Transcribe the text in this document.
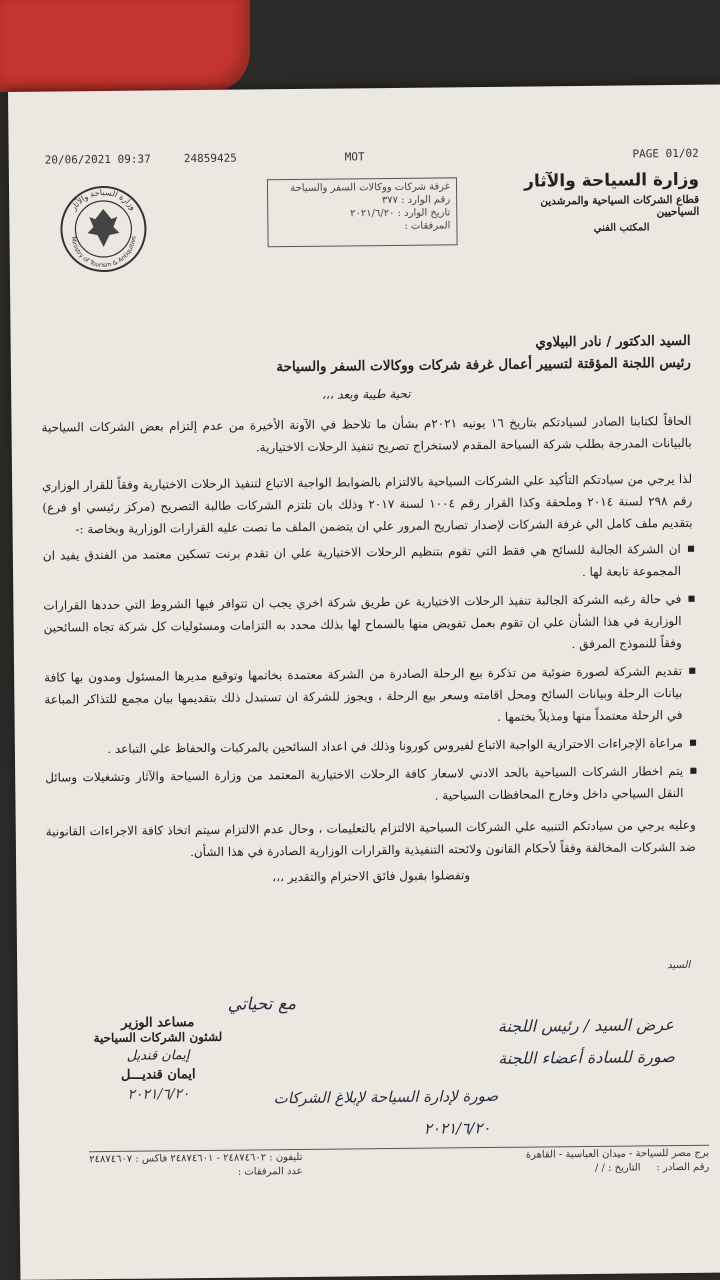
20/06/2021 09:37	24859425	MOT	PAGE 01/02
وزارة السياحة والآثار
قطاع الشركات السياحية والمرشدين السياحيين
المكتب الفني
وزارة السياحة والآثار
Ministry of Tourism & Antiquities
غرفة شركات ووكالات السفر والسياحة
رقم الوارد : ٣٧٧
تاريخ الوارد : ٢٠٢١/٦/٢٠
المرفقات :
السيد الدكتور / نادر البيلاوي
رئيس اللجنة المؤقتة لتسيير أعمال غرفة شركات ووكالات السفر والسياحة
تحية طيبة وبعد ،،،
الحاقاً لكتابنا الصادر لسيادتكم بتاريخ ١٦ يونيه ٢٠٢١م بشأن ما تلاحظ في الآونة الأخيرة من عدم إلتزام بعض الشركات السياحية بالبيانات المدرجة بطلب شركة السياحة المقدم لاستخراج تصريح تنفيذ الرحلات الاختيارية.
لذا يرجي من سيادتكم التأكيد علي الشركات السياحية بالالتزام بالضوابط الواجبة الاتباع لتنفيذ الرحلات الاختيارية وفقاً للقرار الوزاري رقم ٢٩٨ لسنة ٢٠١٤ وملحقة وكذا القرار رقم ١٠٠٤ لسنة ٢٠١٧ وذلك بان تلتزم الشركات طالبة التصريح (مركز رئيسي او فرع) بتقديم ملف كامل الي غرفة الشركات لإصدار تصاريح المرور علي ان يتضمن الملف ما نصت عليه القرارات الوزارية وبخاصة :-
■ ان الشركة الجالبة للسائح هي فقط التي تقوم بتنظيم الرحلات الاختيارية علي ان تقدم برنت تسكين معتمد من الفندق يفيد ان المجموعة تابعة لها .
■ في حالة رغبه الشركة الجالبة تنفيذ الرحلات الاختيارية عن طريق شركة اخري يجب ان تتوافر فيها الشروط التي حددها القرارات الوزارية في هذا الشأن علي ان تقوم بعمل تفويض منها بالسماح لها بذلك محدد به التزامات ومسئوليات كل شركة تجاه السائحين وفقاً للنموذج المرفق .
■ تقديم الشركة لصورة ضوئية من تذكرة بيع الرحلة الصادرة من الشركة معتمدة بخاتمها وتوقيع مديرها المسئول ومدون بها كافة بيانات الرحلة وبيانات السائح ومحل اقامته وسعر بيع الرحلة ، ويجوز للشركة ان تستبدل ذلك بتقديمها بيان مجمع للتذاكر المباعة في الرحلة معتمداً منها ومذيلاً بختمها .
■ مراعاة الإجراءات الاحترازية الواجبة الاتباع لفيروس كورونا وذلك في اعداد السائحين بالمركبات والحفاظ علي التباعد .
■ يتم اخطار الشركات السياحية بالحد الادني لاسعار كافة الرحلات الاختيارية المعتمد من وزارة السياحة والآثار وتشغيلات وسائل النقل السياحي داخل وخارج المحافظات السياحية .
وعليه يرجي من سيادتكم التنبيه علي الشركات السياحية الالتزام بالتعليمات ، وحال عدم الالتزام سيتم اتخاذ كافة الاجراءات القانونية ضد الشركات المخالفة وفقاً لأحكام القانون ولائحته التنفيذية والقرارات الوزارية الصادرة في هذا الشأن.
وتفضلوا بقبول فائق الاحترام والتقدير ،،،
مساعد الوزير
لشئون الشركات السياحية
إيمان قنديل
ايمان قنديـــل
٢٠٢١/٦/٢٠
مع تحياتي
السيد
عرض السيد / رئيس اللجنة
صورة للسادة أعضاء اللجنة
صورة لإدارة السياحة لإبلاغ الشركات
٢٠٢١/٦/٢٠
برج مصر للسياحة - ميدان العباسية - القاهرة
رقم الصادر :     التاريخ : / /
تليفون : ٢٤٨٧٤٦٠٢ - ٢٤٨٧٤٦٠١ فاكس : ٢٤٨٧٤٦٠٧
عدد المرفقات :
